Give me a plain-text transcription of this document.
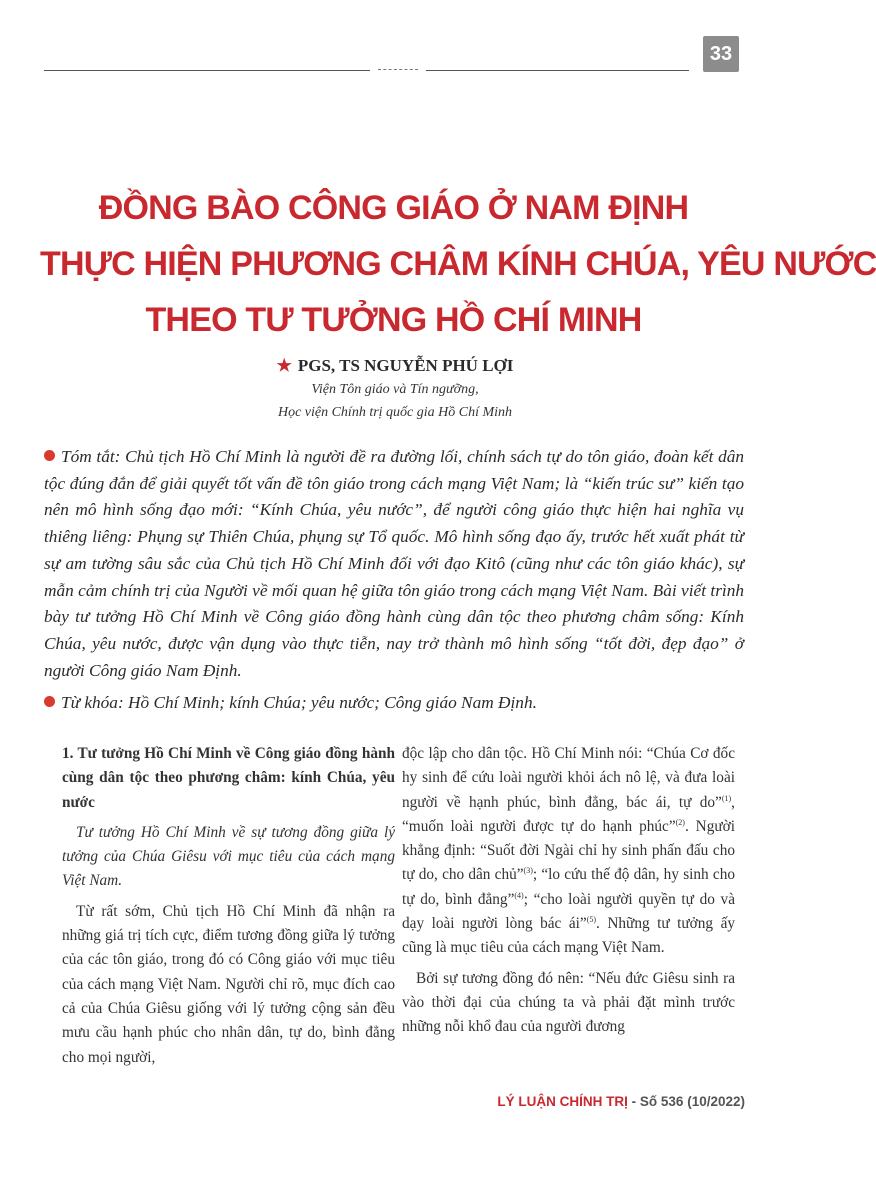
33
ĐỒNG BÀO CÔNG GIÁO Ở NAM ĐỊNH
THỰC HIỆN PHƯƠNG CHÂM KÍNH CHÚA, YÊU NƯỚC
THEO TƯ TƯỞNG HỒ CHÍ MINH
★ PGS, TS NGUYỄN PHÚ LỢI
Viện Tôn giáo và Tín ngưỡng,
Học viện Chính trị quốc gia Hồ Chí Minh
Tóm tắt: Chủ tịch Hồ Chí Minh là người đề ra đường lối, chính sách tự do tôn giáo, đoàn kết dân tộc đúng đắn để giải quyết tốt vấn đề tôn giáo trong cách mạng Việt Nam; là “kiến trúc sư” kiến tạo nên mô hình sống đạo mới: “Kính Chúa, yêu nước”, để người công giáo thực hiện hai nghĩa vụ thiêng liêng: Phụng sự Thiên Chúa, phụng sự Tổ quốc. Mô hình sống đạo ấy, trước hết xuất phát từ sự am tường sâu sắc của Chủ tịch Hồ Chí Minh đối với đạo Kitô (cũng như các tôn giáo khác), sự mẫn cảm chính trị của Người về mối quan hệ giữa tôn giáo trong cách mạng Việt Nam. Bài viết trình bày tư tưởng Hồ Chí Minh về Công giáo đồng hành cùng dân tộc theo phương châm sống: Kính Chúa, yêu nước, được vận dụng vào thực tiễn, nay trở thành mô hình sống “tốt đời, đẹp đạo” ở người Công giáo Nam Định.
Từ khóa: Hồ Chí Minh; kính Chúa; yêu nước; Công giáo Nam Định.

1. Tư tưởng Hồ Chí Minh về Công giáo đồng hành cùng dân tộc theo phương châm: kính Chúa, yêu nước

Tư tưởng Hồ Chí Minh về sự tương đồng giữa lý tưởng của Chúa Giêsu với mục tiêu của cách mạng Việt Nam.

Từ rất sớm, Chủ tịch Hồ Chí Minh đã nhận ra những giá trị tích cực, điểm tương đồng giữa lý tưởng của các tôn giáo, trong đó có Công giáo với mục tiêu của cách mạng Việt Nam. Người chỉ rõ, mục đích cao cả của Chúa Giêsu giống với lý tưởng cộng sản đều mưu cầu hạnh phúc cho nhân dân, tự do, bình đẳng cho mọi người,

độc lập cho dân tộc. Hồ Chí Minh nói: “Chúa Cơ đốc hy sinh để cứu loài người khỏi ách nô lệ, và đưa loài người về hạnh phúc, bình đẳng, bác ái, tự do”$^{(1)}$, “muốn loài người được tự do hạnh phúc”$^{(2)}$. Người khẳng định: “Suốt đời Ngài chỉ hy sinh phấn đấu cho tự do, cho dân chủ”$^{(3)}$; “lo cứu thế độ dân, hy sinh cho tự do, bình đẳng”$^{(4)}$; “cho loài người quyền tự do và dạy loài người lòng bác ái”$^{(5)}$. Những tư tưởng ấy cũng là mục tiêu của cách mạng Việt Nam.

Bởi sự tương đồng đó nên: “Nếu đức Giêsu sinh ra vào thời đại của chúng ta và phải đặt mình trước những nỗi khổ đau của người đương

LÝ LUẬN CHÍNH TRỊ - Số 536 (10/2022)
